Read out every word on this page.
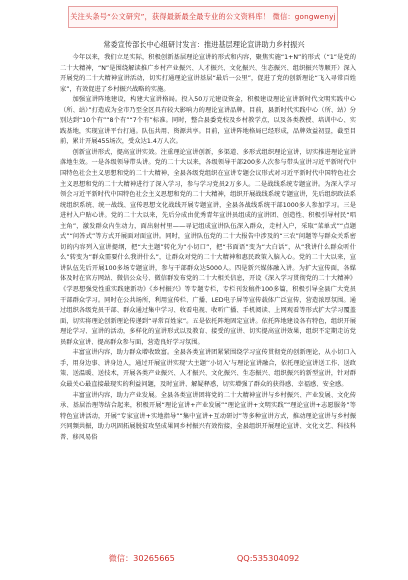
关注头条号“公文研究”，获得最新最全最专业的公文资料库！ 微信：gongwenyj
常委宣传部长中心组研讨发言：推进基层理论宣讲助力乡村振兴

今年以来，我们立足实际，积极创新基层理论宣讲的形式和内容，聚焦实施“1+N”的形式（“1”是党的二十大精神，“N”是围绕解读推广乡村产业振兴、人才振兴、文化振兴、生态振兴、组织振兴等顺开）深入开展党的二十大精神宣讲活动，切实打通理论宣讲基层“最后一公里”，促进了党的创新理论“飞入寻常百姓家”，有效促进了乡村振兴战略的实施。

加强宣讲阵地建设，构建大宣讲格局。投入50万元建设资金，积极建设理论宣讲新时代文明实践中心（所、站）”打造成为全市乃至全区具有较大影响力的理论宣讲品牌。目前，县新时代实践中心（所、站）分别达到“10个有”“8个有”“7个有”标准。同时，整合县委党校及乡村教学点，以及各类教授、培训中心、实践基地，实现宣讲平台打通。队伍共用、资源共享。目前，宣讲阵地格局已经形成，品牌效益初显，截至目前，累计开展455场次，受众达1.4万人次。

创新宣讲形式，提高宣讲实效。注重理论宣讲创新，多渠道、多形式组织理论宣讲，切实推进理论宣讲落地生效。一是各级领导带头讲。党的二十大以来，各级领导干部200多人次参与带头宣讲习近平新时代中国特色社会主义思想和党的二十大精神，全县各级党组织在宣讲专题会议形式对习近平新时代中国特色社会主义思想和党的二十大精神进行了深入学习，参与学习党员2万多人。二是战线系统专题宣讲。为深入学习领会习近平新时代中国特色社会主义思想和党的二十大精神，组织开展战线系统专题宣讲，先后组织政法系统组织系统、统一战线、宣传思想文化战线开展专题宣讲，全县各战线系统干部1000多人参加学习。三是进村入户贴心讲。党的二十大以来，先后分成由优秀青年宣讲员组成的宣讲团、创造性、积极引导村民“唱主角”，激发群众内生动力，面出射村里——寻记组成宣讲队伍深入群众，走村入户，采取“菜单式”“点题式”“问答式”等方式开展面对面宣讲。同时，宣讲队伍党的二十大报告中涉及的“三农”问题等与群众关系密切的内容列入宣讲提纲，把“大主题”转化为“小切口”，把“书面语”变为“大白话”，从“我讲什么群众听什么”转变为“群众需要什么我讲什么”，让群众对党的二十大精神和惠民政策入脑入心。党的二十大以来，宣讲队伍先后开展100多场专题宣讲，参与干部群众达5000人。四是新兴媒体融入讲。为扩大宣传面，各媒体及时在官方网站、微信公众号、微信群发布党的二十大相关信息，开设《深入学习贯彻党的二十大精神》《学思想强党性重实践建新功》《乡村振兴》等专题专栏，专栏刊发稿件100多篇，积极引导全县广大党员干部群众学习。同时在公共场所，利用宣传栏、广播、LED电子屏等宣传载体广泛宣传，营造浓厚氛围。通过组织各级党员干部、群众通过集中学习、收看电视、收听广播、手机阅读、上网观看等形式扩大学习覆盖面，切实将理论创新理论传递到“寻常百姓家”。五是依托阵地固定宣讲。依托阵地建设各有特色，组织开展理论学习、宣讲的活动，多样化的宣讲形式以及教育、接受的宣讲、切实提高宣讲效果，组织不定期走访党员群众宣讲、提高群众参与面，营造良好学习氛围。

丰富宣讲内容，助力群众增收致富。全县各类宣讲团紧紧围绕学习宣传贯彻党的创新理论，从小切口入手，用身边事、讲身边人，通过开展宣讲实现‘大主题’‘小切入’与理论宣讲融合，依托理论宣讲送工作、送政策、送温暖、送技术，开展各类产业振兴、人才振兴、文化振兴、生态振兴、组织振兴的新型宣讲，针对群众最关心最直接最现实的利益问题，及时宣讲、解疑释惑，切实增强了群众的获得感、幸福感、安全感。

丰富宣讲内容，助力产业发展。全县各类宣讲团将党的二十大精神宣讲与乡村振兴、产业发展、文化传承、基层治理等结合起来，积极开展“理论宣讲+产业发展”“理论宣讲+文明实践”“理论宣讲+志愿服务”等特色宣讲活动，开展“专家宣讲+实地指导”“集中宣讲+互动研讨”等多种宣讲方式，推动理论宣讲与乡村振兴同频共振，助力巩固拓展脱贫攻坚成果同乡村振兴有效衔接，全县组织开展理论宣讲、文化文艺、科技科普、移风易俗

微信：30265665	QQ:535304092
